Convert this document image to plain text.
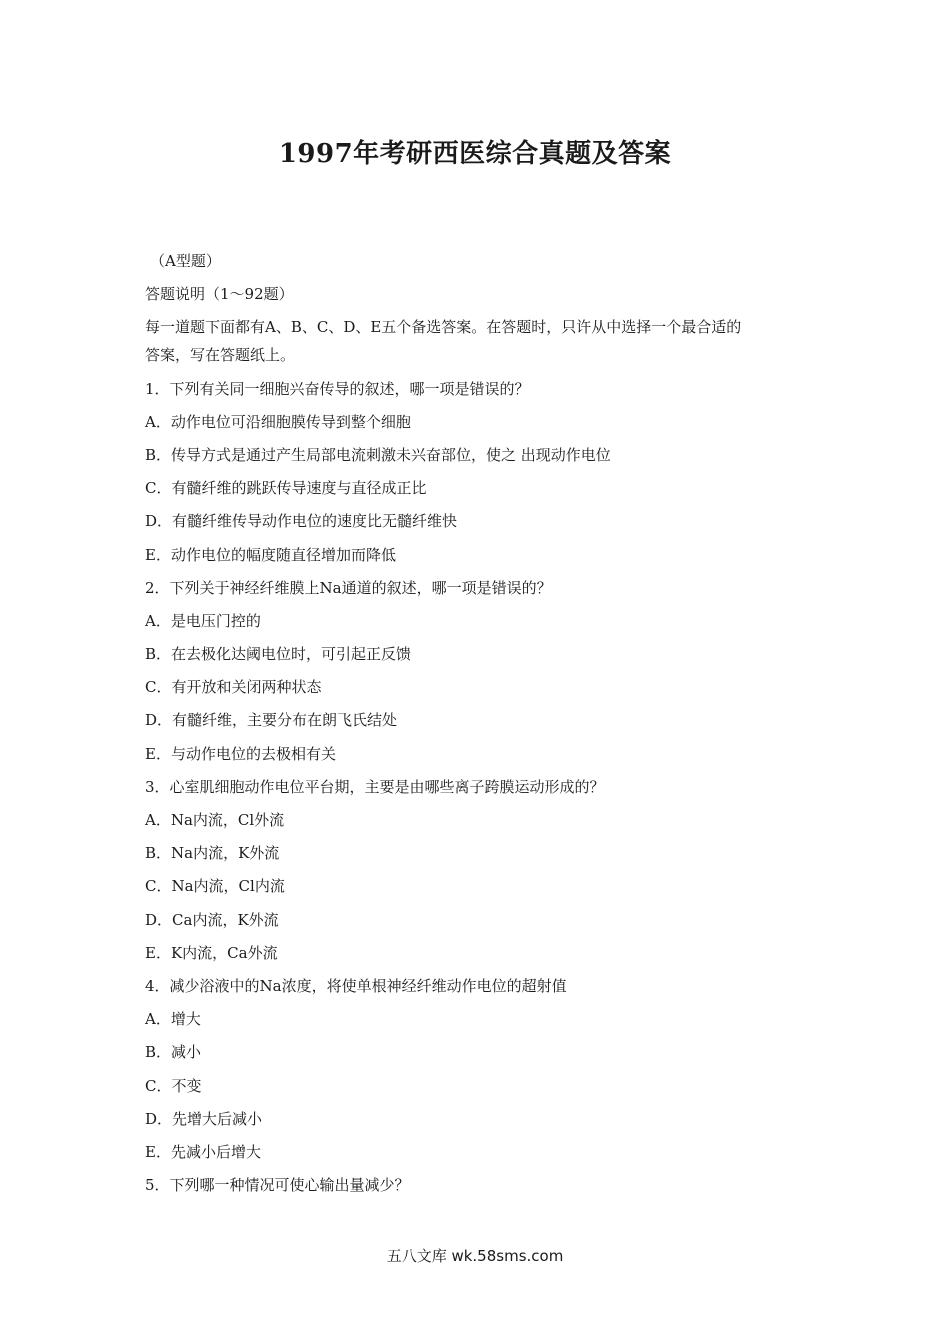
1997年考研西医综合真题及答案
（A型题）
答题说明（1～92题）
每一道题下面都有A、B、C、D、E五个备选答案。在答题时，只许从中选择一个最合适的
答案，写在答题纸上。
1．下列有关同一细胞兴奋传导的叙述，哪一项是错误的？
A．动作电位可沿细胞膜传导到整个细胞
B．传导方式是通过产生局部电流刺激未兴奋部位，使之 出现动作电位
C．有髓纤维的跳跃传导速度与直径成正比
D．有髓纤维传导动作电位的速度比无髓纤维快
E．动作电位的幅度随直径增加而降低
2．下列关于神经纤维膜上Na通道的叙述，哪一项是错误的？
A．是电压门控的
B．在去极化达阈电位时，可引起正反馈
C．有开放和关闭两种状态
D．有髓纤维，主要分布在朗飞氏结处
E．与动作电位的去极相有关
3．心室肌细胞动作电位平台期，主要是由哪些离子跨膜运动形成的？
A．Na内流，Cl外流
B．Na内流，K外流
C．Na内流，Cl内流
D．Ca内流，K外流
E．K内流，Ca外流
4．减少浴液中的Na浓度，将使单根神经纤维动作电位的超射值
A．增大
B．减小
C．不变
D．先增大后减小
E．先减小后增大
5．下列哪一种情况可使心输出量减少？
五八文库 wk.58sms.com
